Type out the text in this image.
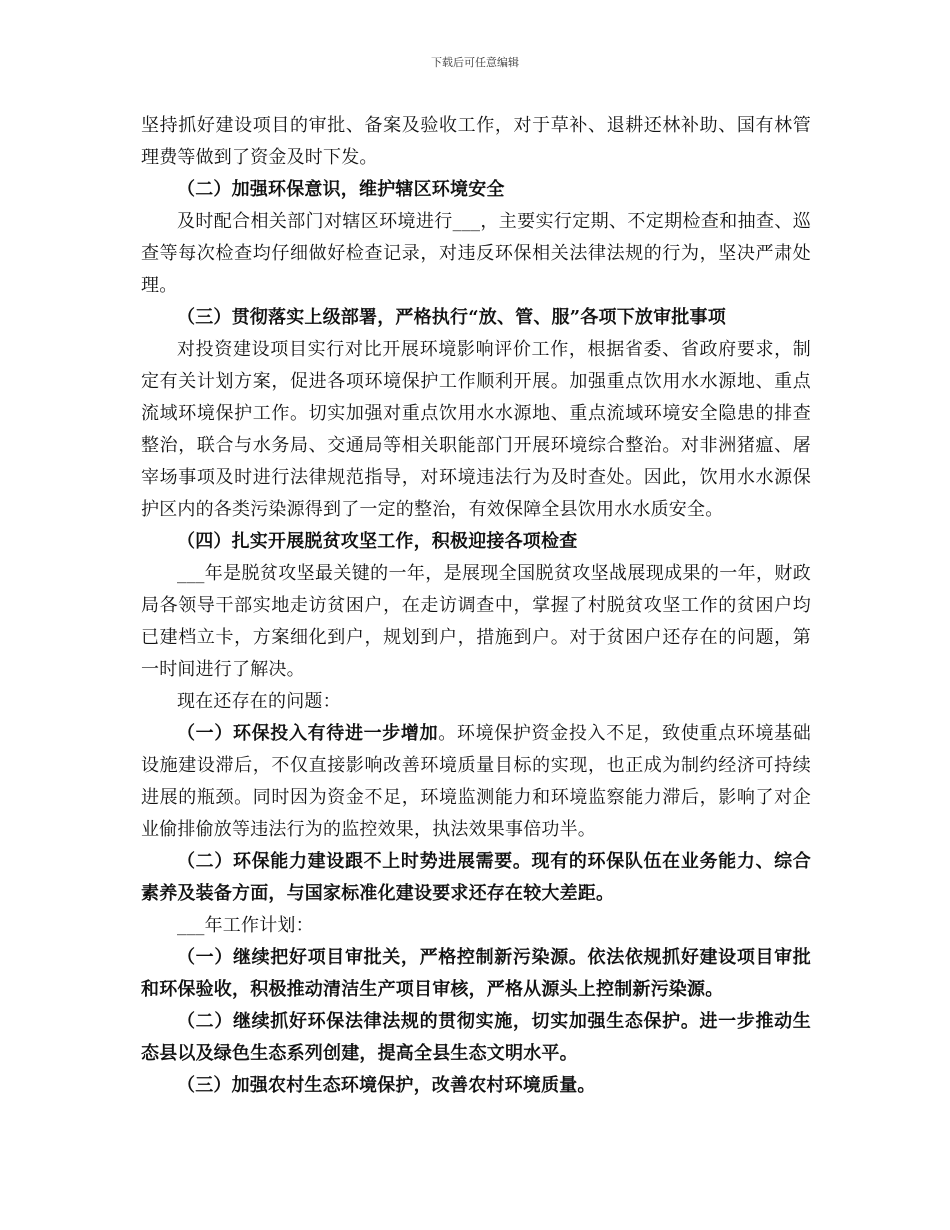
下载后可任意编辑

坚持抓好建设项目的审批、备案及验收工作，对于草补、退耕还林补助、国有林管理费等做到了资金及时下发。

（二）加强环保意识，维护辖区环境安全

及时配合相关部门对辖区环境进行___，主要实行定期、不定期检查和抽查、巡查等每次检查均仔细做好检查记录，对违反环保相关法律法规的行为，坚决严肃处理。

（三）贯彻落实上级部署，严格执行“放、管、服”各项下放审批事项

对投资建设项目实行对比开展环境影响评价工作，根据省委、省政府要求，制定有关计划方案，促进各项环境保护工作顺利开展。加强重点饮用水水源地、重点流域环境保护工作。切实加强对重点饮用水水源地、重点流域环境安全隐患的排查整治，联合与水务局、交通局等相关职能部门开展环境综合整治。对非洲猪瘟、屠宰场事项及时进行法律规范指导，对环境违法行为及时查处。因此，饮用水水源保护区内的各类污染源得到了一定的整治，有效保障全县饮用水水质安全。

（四）扎实开展脱贫攻坚工作，积极迎接各项检查

___年是脱贫攻坚最关键的一年，是展现全国脱贫攻坚战展现成果的一年，财政局各领导干部实地走访贫困户，在走访调查中，掌握了村脱贫攻坚工作的贫困户均已建档立卡，方案细化到户，规划到户，措施到户。对于贫困户还存在的问题，第一时间进行了解决。

现在还存在的问题：

（一）环保投入有待进一步增加。环境保护资金投入不足，致使重点环境基础设施建设滞后，不仅直接影响改善环境质量目标的实现，也正成为制约经济可持续进展的瓶颈。同时因为资金不足，环境监测能力和环境监察能力滞后，影响了对企业偷排偷放等违法行为的监控效果，执法效果事倍功半。

（二）环保能力建设跟不上时势进展需要。现有的环保队伍在业务能力、综合素养及装备方面，与国家标准化建设要求还存在较大差距。

___年工作计划：

（一）继续把好项目审批关，严格控制新污染源。依法依规抓好建设项目审批和环保验收，积极推动清洁生产项目审核，严格从源头上控制新污染源。

（二）继续抓好环保法律法规的贯彻实施，切实加强生态保护。进一步推动生态县以及绿色生态系列创建，提高全县生态文明水平。

（三）加强农村生态环境保护，改善农村环境质量。
